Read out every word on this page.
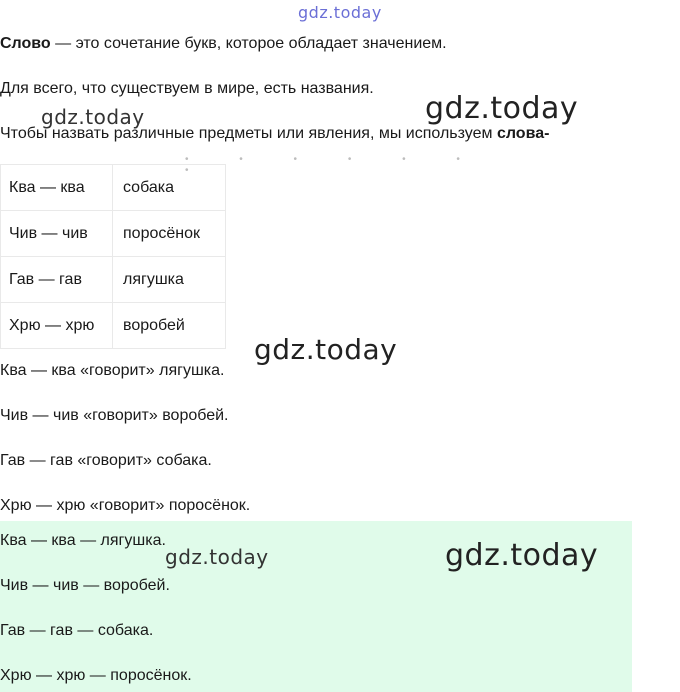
Слово — это сочетание букв, которое обладает значением.
Для всего, что существуем в мире, есть названия.
Чтобы назвать различные предметы или явления, мы используем слова-
• • • • • • •
Ква — ква	собака
Чив — чив	поросёнок
Гав — гав	лягушка
Хрю — хрю	воробей
Ква — ква «говорит» лягушка.
Чив — чив «говорит» воробей.
Гав — гав «говорит» собака.
Хрю — хрю «говорит» поросёнок.
Ква — ква — лягушка.
Чив — чив — воробей.
Гав — гав — собака.
Хрю — хрю — поросёнок.
gdz.today
gdz.today	gdz.today
gdz.today
gdz.today	gdz.today
